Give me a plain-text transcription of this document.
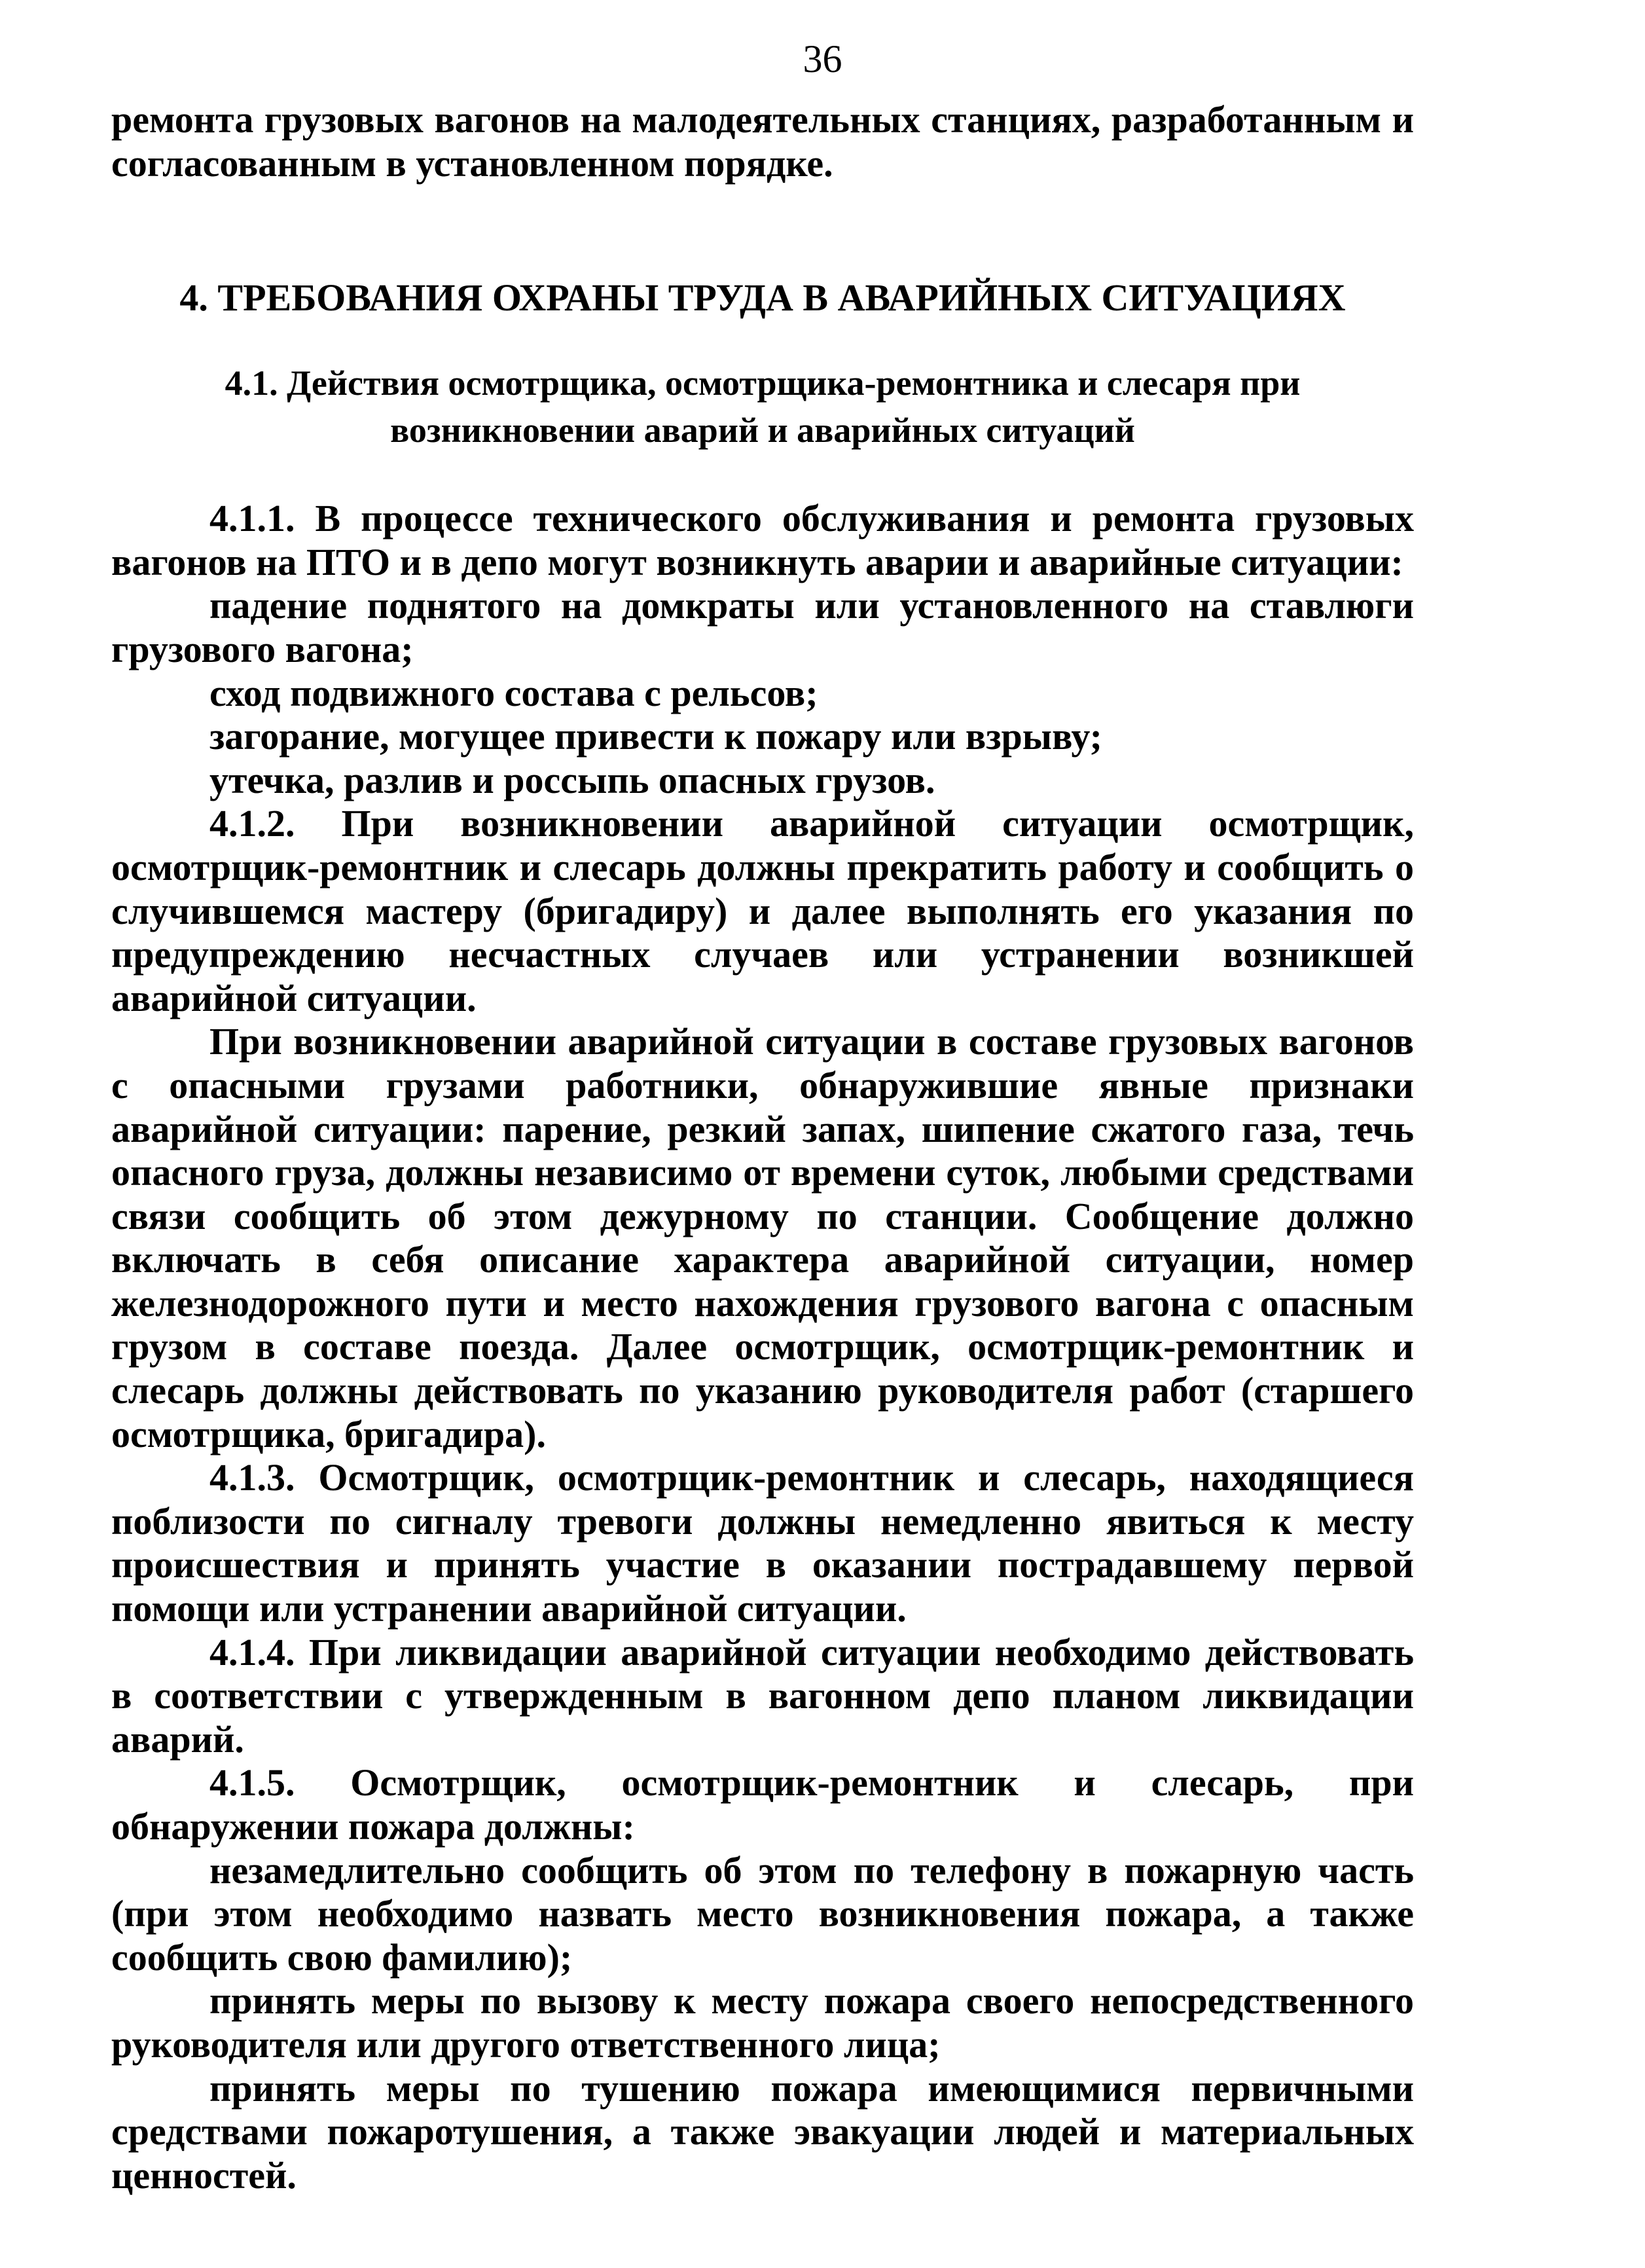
36

ремонта грузовых вагонов на малодеятельных станциях, разработанным и согласованным в установленном порядке.

4. ТРЕБОВАНИЯ ОХРАНЫ ТРУДА В АВАРИЙНЫХ СИТУАЦИЯХ
4.1. Действия осмотрщика, осмотрщика-ремонтника и слесаря при
возникновении аварий и аварийных ситуаций

4.1.1. В процессе технического обслуживания и ремонта грузовых вагонов на ПТО и в депо могут возникнуть аварии и аварийные ситуации:

падение поднятого на домкраты или установленного на ставлюги грузового вагона;

сход подвижного состава с рельсов;

загорание, могущее привести к пожару или взрыву;

утечка, разлив и россыпь опасных грузов.

4.1.2. При возникновении аварийной ситуации осмотрщик, осмотрщик-ремонтник и слесарь должны прекратить работу и сообщить о случившемся мастеру (бригадиру) и далее выполнять его указания по предупреждению несчастных случаев или устранении возникшей аварийной ситуации.

При возникновении аварийной ситуации в составе грузовых вагонов с опасными грузами работники, обнаружившие явные признаки аварийной ситуации: парение, резкий запах, шипение сжатого газа, течь опасного груза, должны независимо от времени суток, любыми средствами связи сообщить об этом дежурному по станции. Сообщение должно включать в себя описание характера аварийной ситуации, номер железнодорожного пути и место нахождения грузового вагона с опасным грузом в составе поезда. Далее осмотрщик, осмотрщик-ремонтник и слесарь должны действовать по указанию руководителя работ (старшего осмотрщика, бригадира).

4.1.3. Осмотрщик, осмотрщик-ремонтник и слесарь, находящиеся поблизости по сигналу тревоги должны немедленно явиться к месту происшествия и принять участие в оказании пострадавшему первой помощи или устранении аварийной ситуации.

4.1.4. При ликвидации аварийной ситуации необходимо действовать в соответствии с утвержденным в вагонном депо планом ликвидации аварий.

4.1.5. Осмотрщик, осмотрщик-ремонтник и слесарь, при обнаружении пожара должны:

незамедлительно сообщить об этом по телефону в пожарную часть (при этом необходимо назвать место возникновения пожара, а также сообщить свою фамилию);

принять меры по вызову к месту пожара своего непосредственного руководителя или другого ответственного лица;

принять меры по тушению пожара имеющимися первичными средствами пожаротушения, а также эвакуации людей и материальных ценностей.
